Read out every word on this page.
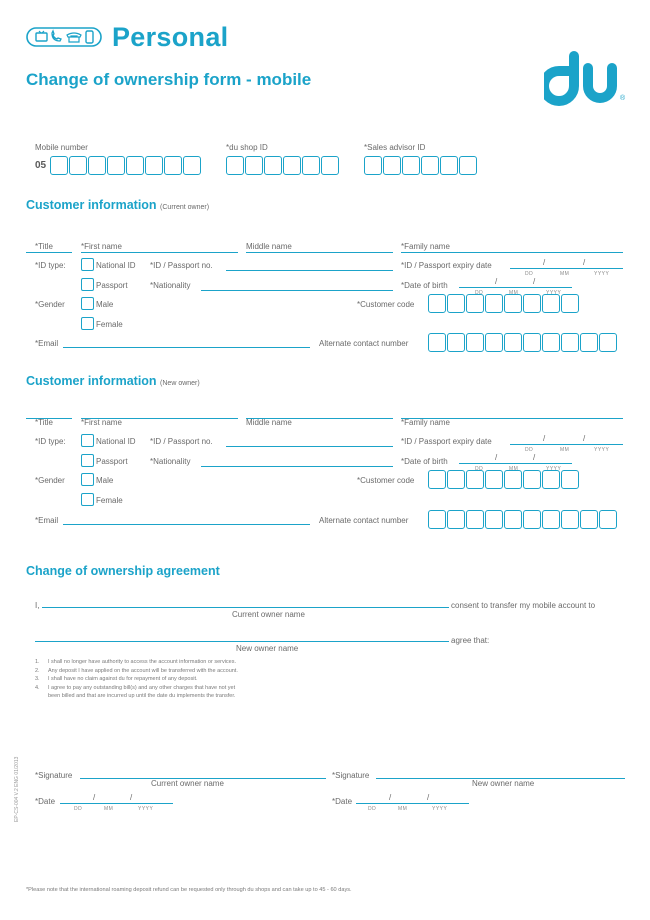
Personal
Change of ownership form - mobile
®
Mobile number
05
*du shop ID	*Sales advisor ID
Customer information (Current owner)
*Title	*First name	Middle name	*Family name
*ID type:	National ID *ID / Passport no.	*ID / Passport expiry date	/	/
DD	MM	YYYY
Passport	*Nationality	*Date of birth	/	/
DD	MM	YYYY
*Gender	Male	*Customer code
Female
*Email	Alternate contact number
Customer information (New owner)
*Title	*First name	Middle name	*Family name
*ID type:	National ID *ID / Passport no.	*ID / Passport expiry date	/	/
DD	MM	YYYY
Passport	*Nationality	*Date of birth	/	/
DD	MM	YYYY
*Gender	Male	*Customer code
Female
*Email	Alternate contact number
Change of ownership agreement
I,	consent to transfer my mobile account to
Current owner name
agree that:
New owner name
1.	I shall no longer have authority to access the account information or services.
2.	Any deposit I have applied on the account will be transferred with the account.
3.	I shall have no claim against du for repayment of any deposit.
4.	I agree to pay any outstanding bill(s) and any other charges that have not yet
been billed and that are incurred up until the date du implements the transfer.
EP-CS-004 V.2 ENG 01/2013 *Signature
Current owner name
*Signature
New owner name
*Date	/	/
DD	MM	YYYY
*Date	/	/
DD	MM	YYYY
*Please note that the international roaming deposit refund can be requested only through du shops and can take up to 45 - 60 days.
